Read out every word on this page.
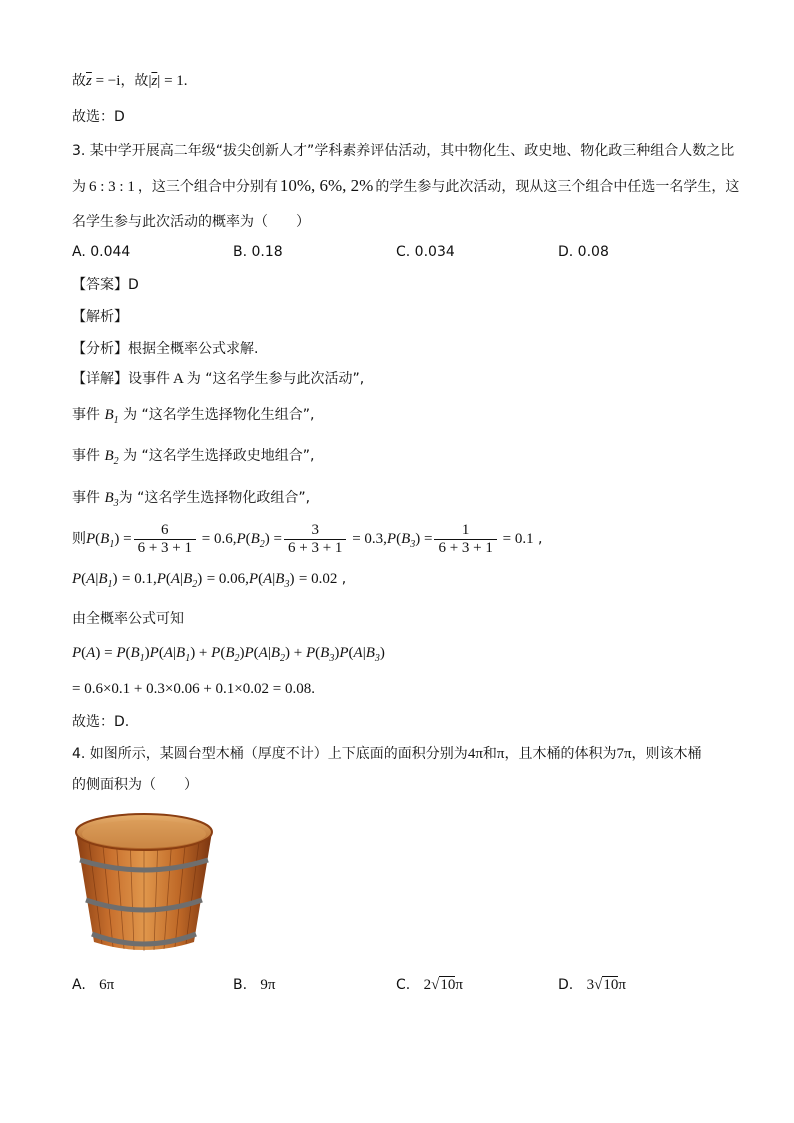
故$\overline{z} = -i$，故$|\overline{z}| = 1$.
故选：D
3. 某中学开展高二年级“拔尖创新人才”学科素养评估活动，其中物化生、政史地、物化政三种组合人数之比
为 6 : 3 : 1 ，这三个组合中分别有 10%, 6%, 2% 的学生参与此次活动，现从这三个组合中任选一名学生，这
名学生参与此次活动的概率为（　　）
A. 0.044	B. 0.18	C. 0.034	D. 0.08
【答案】D
【解析】
【分析】根据全概率公式求解.
【详解】设事件 A 为 “这名学生参与此次活动”,
事件 $B_1$ 为 “这名学生选择物化生组合”,
事件 $B_2$ 为 “这名学生选择政史地组合”,
事件 $B_3$为 “这名学生选择物化政组合”,
则$P(B_1) = \frac{6}{6 + 3 + 1} = 0.6,P(B_2) = \frac{3}{6 + 3 + 1} = 0.3,P(B_3) = \frac{1}{6 + 3 + 1} = 0.1$ ,
$P(A|B_1) = 0.1,P(A|B_2) = 0.06,P(A|B_3) = 0.02$ ,
由全概率公式可知
$P(A) = P(B_1)P(A|B_1) + P(B_2)P(A|B_2) + P(B_3)P(A|B_3)$
= 0.6×0.1 + 0.3×0.06 + 0.1×0.02 = 0.08.
故选：D.
4. 如图所示，某圆台型木桶（厚度不计）上下底面的面积分别为4π和π，且木桶的体积为7π，则该木桶
的侧面积为（　　）
A. 6π	B. 9π	C. 2√10π	D. 3√10π
